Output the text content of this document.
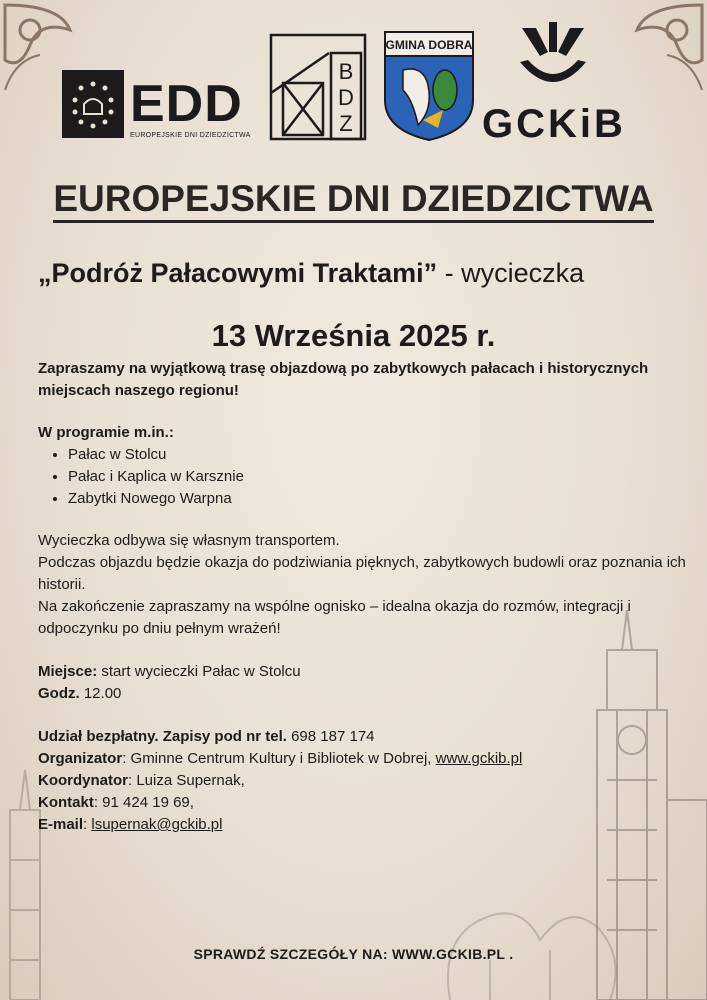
EDD
EUROPEJSKIE DNI DZIEDZICTWA
B
D
Z
GMINA DOBRA
GCKiB
EUROPEJSKIE DNI DZIEDZICTWA
„Podróż Pałacowymi Traktami” - wycieczka
13 Września 2025 r.

Zapraszamy na wyjątkową trasę objazdową po zabytkowych pałacach i historycznych miejscach naszego regionu!

W programie m.in.:

• Pałac w Stolcu
• Pałac i Kaplica w Karsznie
• Zabytki Nowego Warpna

Wycieczka odbywa się własnym transportem.

Podczas objazdu będzie okazja do podziwiania pięknych, zabytkowych budowli oraz poznania ich historii.

Na zakończenie zapraszamy na wspólne ognisko – idealna okazja do rozmów, integracji i odpoczynku po dniu pełnym wrażeń!

Miejsce: start wycieczki Pałac w Stolcu

Godz. 12.00

Udział bezpłatny. Zapisy pod nr tel. 698 187 174

Organizator: Gminne Centrum Kultury i Bibliotek w Dobrej, www.gckib.pl

Koordynator: Luiza Supernak,

Kontakt: 91 424 19 69,

E-mail: lsupernak@gckib.pl

SPRAWDŹ SZCZEGÓŁY NA: WWW.GCKIB.PL .
